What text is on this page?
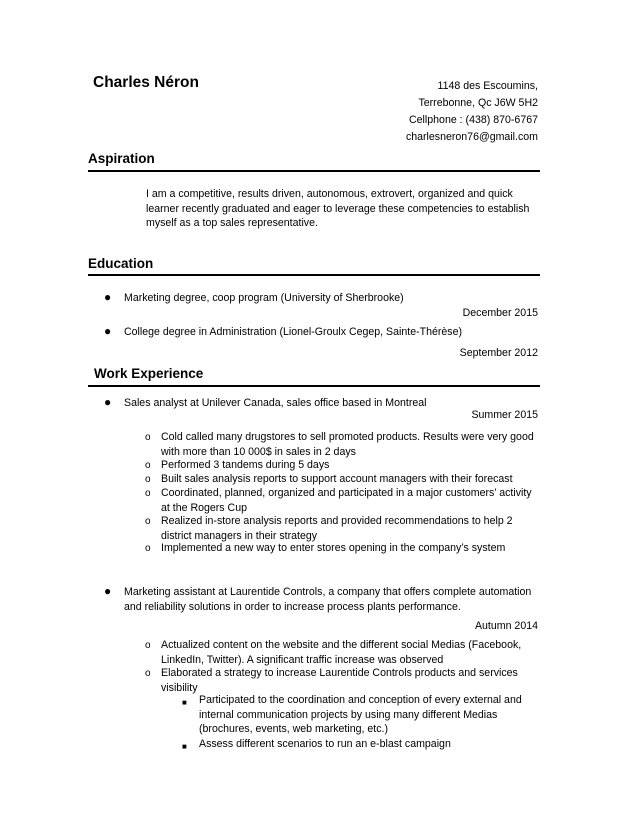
Charles Néron	1148 des Escoumins,
Terrebonne, Qc J6W 5H2
Cellphone : (438) 870-6767
charlesneron76@gmail.com
Aspiration
I am a competitive, results driven, autonomous, extrovert, organized and quick
learner recently graduated and eager to leverage these competencies to establish
myself as a top sales representative.
Education
● Marketing degree, coop program (University of Sherbrooke)
December 2015
● College degree in Administration (Lionel-Groulx Cegep, Sainte-Thérèse)
September 2012
Work Experience
● Sales analyst at Unilever Canada, sales office based in Montreal
Summer 2015
o Cold called many drugstores to sell promoted products. Results were very good
with more than 10 000$ in sales in 2 days
o Performed 3 tandems during 5 days
o Built sales analysis reports to support account managers with their forecast
o Coordinated, planned, organized and participated in a major customers’ activity
at the Rogers Cup
o Realized in-store analysis reports and provided recommendations to help 2
district managers in their strategy
o Implemented a new way to enter stores opening in the company’s system
● Marketing assistant at Laurentide Controls, a company that offers complete automation
and reliability solutions in order to increase process plants performance.
Autumn 2014
o Actualized content on the website and the different social Medias (Facebook,
LinkedIn, Twitter). A significant traffic increase was observed
o Elaborated a strategy to increase Laurentide Controls products and services
visibility
■ Participated to the coordination and conception of every external and
internal communication projects by using many different Medias
(brochures, events, web marketing, etc.)
■ Assess different scenarios to run an e-blast campaign
